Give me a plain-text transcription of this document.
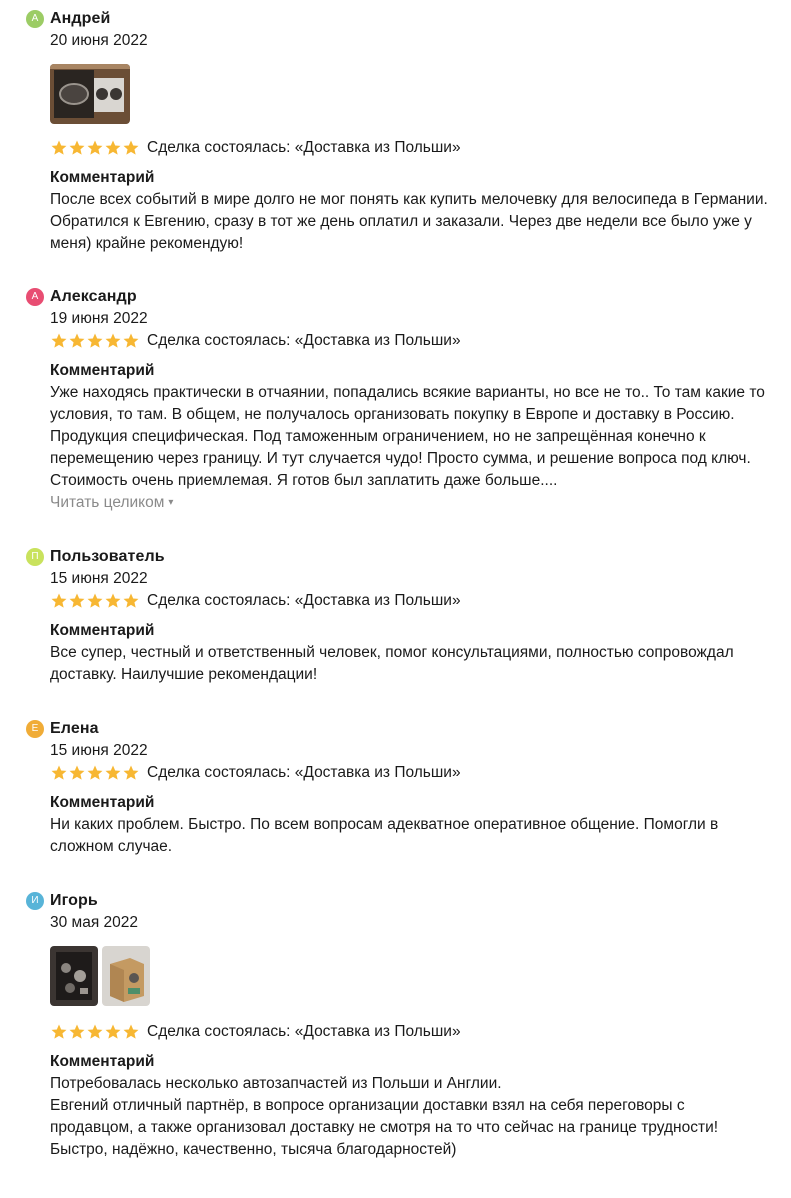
А Андрей
20 июня 2022
Сделка состоялась: «Доставка из Польши»
Комментарий
После всех событий в мире долго не мог понять как купить мелочевку для велосипеда в Германии. Обратился к Евгению, сразу в тот же день оплатил и заказали. Через две недели все было уже у меня) крайне рекомендую!
А Александр
19 июня 2022
Сделка состоялась: «Доставка из Польши»
Комментарий
Уже находясь практически в отчаянии, попадались всякие варианты, но все не то.. То там какие то условия, то там. В общем, не получалось организовать покупку в Европе и доставку в Россию. Продукция специфическая. Под таможенным ограничением, но не запрещённая конечно к перемещению через границу. И тут случается чудо! Просто сумма, и решение вопроса под ключ. Стоимость очень приемлемая. Я готов был заплатить даже больше....
Читать целиком ▾
П Пользователь
15 июня 2022
Сделка состоялась: «Доставка из Польши»
Комментарий
Все супер, честный и ответственный человек, помог консультациями, полностью сопровождал доставку. Наилучшие рекомендации!
Е Елена
15 июня 2022
Сделка состоялась: «Доставка из Польши»
Комментарий
Ни каких проблем. Быстро. По всем вопросам адекватное оперативное общение. Помогли в сложном случае.
И Игорь
30 мая 2022
Сделка состоялась: «Доставка из Польши»
Комментарий
Потребовалась несколько автозапчастей из Польши и Англии.
Евгений отличный партнёр, в вопросе организации доставки взял на себя переговоры с продавцом, а также организовал доставку не смотря на то что сейчас на границе трудности!
Быстро, надёжно, качественно, тысяча благодарностей)
